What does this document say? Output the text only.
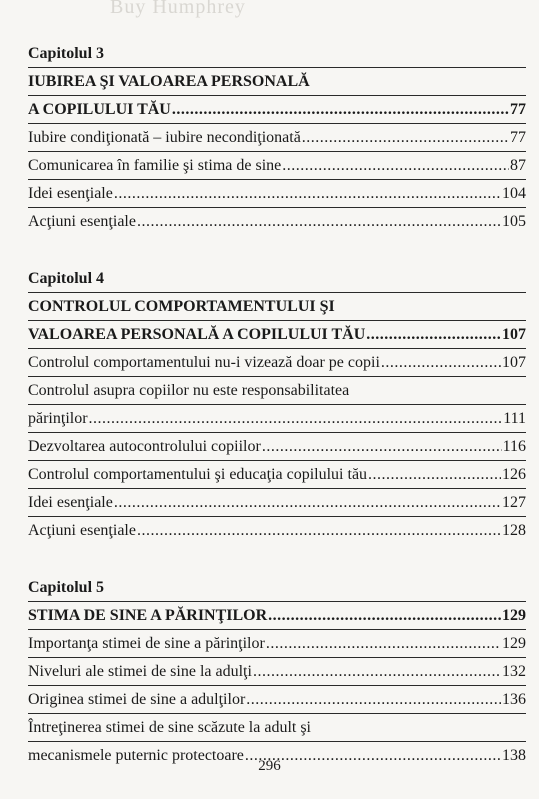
Buy Humphrey
Capitolul 3
IUBIREA ŞI VALOAREA PERSONALĂ
A COPILULUI TĂU .....	77
Iubire condiţionată – iubire necondiţionată .....	77
Comunicarea în familie şi stima de sine .....	87
Idei esenţiale .....	104
Acţiuni esenţiale .....	105
Capitolul 4
CONTROLUL COMPORTAMENTULUI ŞI
VALOAREA PERSONALĂ A COPILULUI TĂU .....	107
Controlul comportamentului nu-i vizează doar pe copii .....	107
Controlul asupra copiilor nu este responsabilitatea
părinţilor .....	111
Dezvoltarea autocontrolului copiilor .....	116
Controlul comportamentului şi educaţia copilului tău .....	126
Idei esenţiale .....	127
Acţiuni esenţiale .....	128
Capitolul 5
STIMA DE SINE A PĂRINŢILOR .....	129
Importanţa stimei de sine a părinţilor .....	129
Niveluri ale stimei de sine la adulţi .....	132
Originea stimei de sine a adulţilor .....	136
Întreţinerea stimei de sine scăzute la adult şi
mecanismele puternic protectoare .....	138
296
